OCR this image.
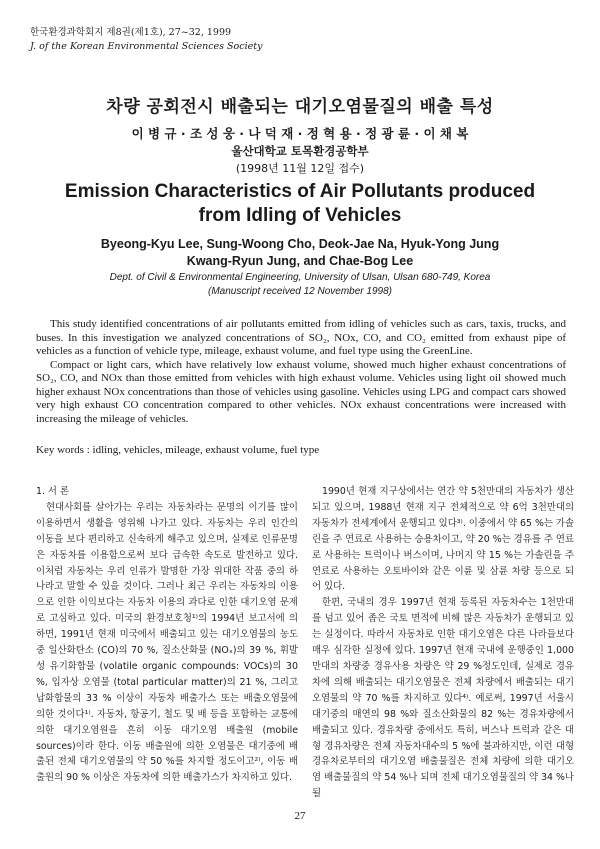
한국환경과학회지 제8권(제1호), 27~32, 1999
J. of the Korean Environmental Sciences Society
차량 공회전시 배출되는 대기오염물질의 배출 특성
이 병 규 · 조 성 웅 · 나 덕 재 · 정 혁 용 · 정 광 륜 · 이 채 복
울산대학교 토목환경공학부
(1998년 11월 12일 접수)
Emission Characteristics of Air Pollutants produced
from Idling of Vehicles
Byeong-Kyu Lee, Sung-Woong Cho, Deok-Jae Na, Hyuk-Yong Jung
Kwang-Ryun Jung, and Chae-Bog Lee
Dept. of Civil & Environmental Engineering, University of Ulsan, Ulsan 680-749, Korea
(Manuscript received 12 November 1998)

This study identified concentrations of air pollutants emitted from idling of vehicles such as cars, taxis, trucks, and buses. In this investigation we analyzed concentrations of SO₂, NOx, CO, and CO₂ emitted from exhaust pipe of vehicles as a function of vehicle type, mileage, exhaust volume, and fuel type using the GreenLine.

Compact or light cars, which have relatively low exhaust volume, showed much higher exhaust concentrations of SO₂, CO, and NOx than those emitted from vehicles with high exhaust volume. Vehicles using light oil showed much higher exhaust NOx concentrations than those of vehicles using gasoline. Vehicles using LPG and compact cars showed very high exhaust CO concentration compared to other vehicles. NOx exhaust concentrations were increased with increasing the mileage of vehicles.

Key words : idling, vehicles, mileage, exhaust volume, fuel type

1. 서 론

현대사회를 살아가는 우리는 자동차라는 문명의 이기를 많이 이용하면서 생활을 영위해 나가고 있다. 자동차는 우리 인간의 이동을 보다 편리하고 신속하게 해주고 있으며, 실제로 인류문명은 자동차를 이용함으로써 보다 급속한 속도로 발전하고 있다. 이처럼 자동차는 우리 인류가 발명한 가장 위대한 작품 중의 하나라고 말할 수 있을 것이다. 그러나 최근 우리는 자동차의 이용으로 인한 이익보다는 자동차 이용의 과다로 인한 대기오염 문제로 고심하고 있다. 미국의 환경보호청¹⁾의 1994년 보고서에 의하면, 1991년 현재 미국에서 배출되고 있는 대기오염물의 농도중 일산화탄소 (CO)의 70 %, 질소산화물 (NOₓ)의 39 %, 휘발성 유기화합물 (volatile organic compounds: VOCs)의 30 %, 입자상 오염물 (total particular matter)의 21 %, 그리고 납화합물의 33 % 이상이 자동차 배출가스 또는 배출오염물에 의한 것이다¹⁾. 자동차, 항공기, 철도 및 배 등을 포함하는 교통에 의한 대기오염원을 흔히 이동 대기오염 배출원 (mobile sources)이라 한다. 이동 배출원에 의한 오염물은 대기중에 배출된 전체 대기오염물의 약 50 %를 차지할 정도이고²⁾, 이동 배출원의 90 % 이상은 자동차에 의한 배출가스가 차지하고 있다.

1990년 현재 지구상에서는 연간 약 5천만대의 자동차가 생산되고 있으며, 1988년 현재 지구 전체적으로 약 6억 3천만대의 자동차가 전세계에서 운행되고 있다³⁾. 이중에서 약 65 %는 가솔린을 주 연료로 사용하는 승용차이고, 약 20 %는 경유를 주 연료로 사용하는 트럭이나 버스이며, 나머지 약 15 %는 가솔린을 주 연료로 사용하는 오토바이와 같은 이륜 및 삼륜 차량 등으로 되어 있다.

한편, 국내의 경우 1997년 현재 등록된 자동차수는 1천만대를 넘고 있어 좁은 국토 면적에 비해 많은 자동차가 운행되고 있는 실정이다. 따라서 자동차로 인한 대기오염은 다른 나라들보다 매우 심각한 실정에 있다. 1997년 현재 국내에 운행중인 1,000만대의 차량중 경유사용 차량은 약 29 %정도인데, 실제로 경유차에 의해 배출되는 대기오염물은 전체 차량에서 배출되는 대기오염물의 약 70 %를 차지하고 있다⁴⁾. 예로써, 1997년 서울시 대기중의 매연의 98 %와 질소산화물의 82 %는 경유차량에서 배출되고 있다. 경유차량 중에서도 특히, 버스나 트럭과 같은 대형 경유차량은 전체 자동차대수의 5 %에 불과하지만, 이런 대형 경유차로부터의 대기오염 배출물질은 전체 차량에 의한 대기오염 배출물질의 약 54 %나 되며 전체 대기오염물질의 약 34 %나 될

27
